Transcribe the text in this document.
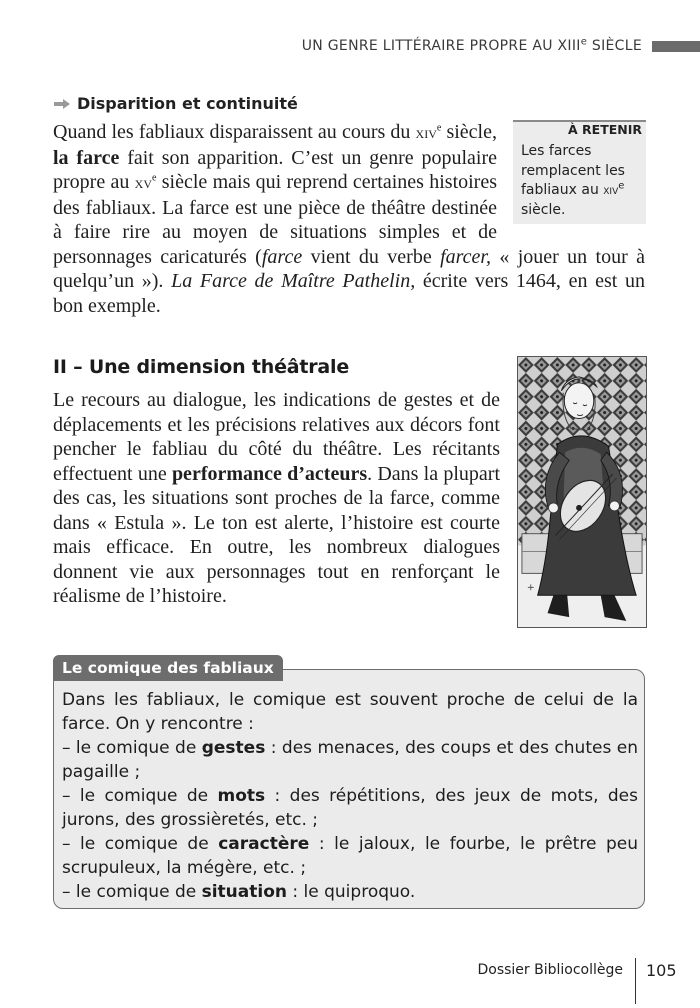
UN GENRE LITTÉRAIRE PROPRE AU XIIIe SIÈCLE
Disparition et continuité
Quand les fabliaux disparaissent au cours du xiv$^e$ siècle, la farce fait son apparition. C’est un genre populaire propre au $xv^e$ siècle mais qui reprend certaines histoires des fabliaux. La farce est une pièce de théâtre destinée à faire rire au moyen de situations simples et de personnages caricaturés (farce vient du verbe farcer, « jouer un tour à quelqu’un »). La Farce de Maître Pathelin, écrite vers 1464, en est un bon exemple.
À RETENIR
Les farces remplacent les fabliaux au xiv$^e$ siècle.
II – Une dimension théâtrale
Le recours au dialogue, les indications de gestes et de déplacements et les précisions relatives aux décors font pencher le fabliau du côté du théâtre. Les récitants effectuent une performance d’acteurs. Dans la plupart des cas, les situations sont proches de la farce, comme dans « Estula ». Le ton est alerte, l’histoire est courte mais efficace. En outre, les nombreux dialogues donnent vie aux personnages tout en renforçant le réalisme de l’histoire.
Le comique des fabliaux
Dans les fabliaux, le comique est souvent proche de celui de la farce. On y rencontre :
– le comique de gestes : des menaces, des coups et des chutes en pagaille ;
– le comique de mots : des répétitions, des jeux de mots, des jurons, des grossièretés, etc. ;
– le comique de caractère : le jaloux, le fourbe, le prêtre peu scrupuleux, la mégère, etc. ;
– le comique de situation : le quiproquo.
Dossier Bibliocollège 105
